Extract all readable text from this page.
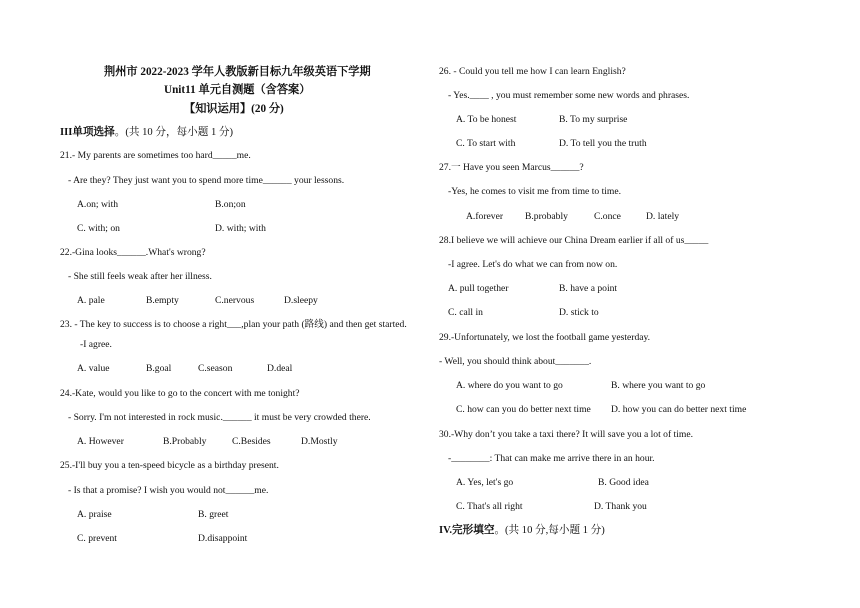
荆州市 2022-2023 学年人教版新目标九年级英语下学期
Unit11 单元自测题（含答案）
【知识运用】(20 分)
III单项选择。(共 10 分，每小题 1 分)
21.- My parents are sometimes too hard_____me.
- Are they? They just want you to spend more time______ your lessons.
A.on; with	B.on;on
C. with; on	D. with; with
22.-Gina looks______.What's wrong?
- She still feels weak after her illness.
A. pale	B.empty	C.nervous	D.sleepy
23. - The key to success is to choose a right___,plan your path (路线) and then get started.
-I agree.
A. value	B.goal	C.season	D.deal
24.-Kate, would you like to go to the concert with me tonight?
- Sorry. I'm not interested in rock music.______ it must be very crowded there.
A. However	B.Probably	C.Besides	D.Mostly
25.-I'll buy you a ten-speed bicycle as a birthday present.
- Is that a promise? I wish you would not______me.
A. praise	B. greet
C. prevent	D.disappoint
26. - Could you tell me how I can learn English?
- Yes.____ , you must remember some new words and phrases.
A. To be honest	B. To my surprise
C. To start with	D. To tell you the truth
27.一 Have you seen Marcus______?
-Yes, he comes to visit me from time to time.
A.forever B.probably	C.once	D. lately
28.I believe we will achieve our China Dream earlier if all of us_____
-I agree. Let's do what we can from now on.
A. pull together	B. have a point
C. call in	D. stick to
29.-Unfortunately, we lost the football game yesterday.
- Well, you should think about_______.
A. where do you want to go	B. where you want to go
C. how can you do better next time D. how you can do better next time
30.-Why don’t you take a taxi there? It will save you a lot of time.
-________: That can make me arrive there in an hour.
A. Yes, let's go	B. Good idea
C. That's all right	D. Thank you
IV.完形填空。(共 10 分,每小题 1 分)
